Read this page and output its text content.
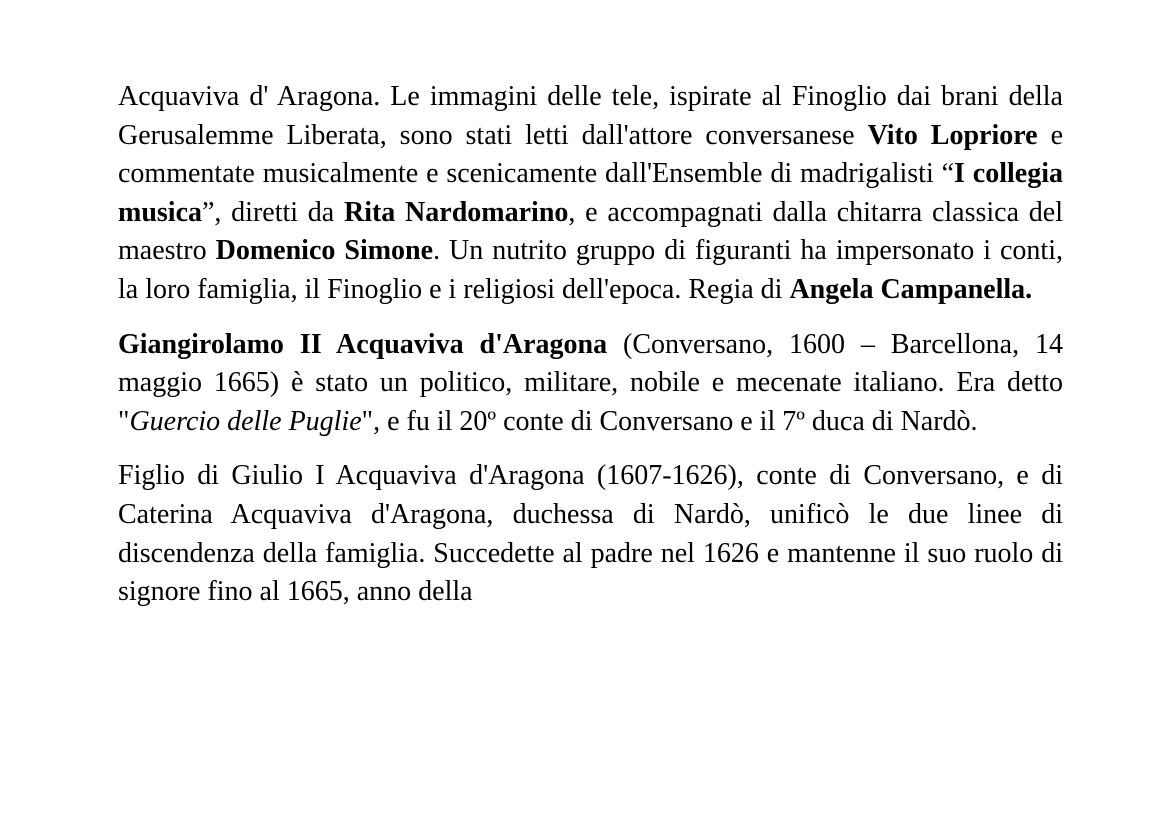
Acquaviva d' Aragona. Le immagini delle tele, ispirate al Finoglio dai brani della Gerusalemme Liberata, sono stati letti dall'attore conversanese Vito Lopriore e commentate musicalmente e scenicamente dall'Ensemble di madrigalisti “I collegia musica”, diretti da Rita Nardomarino, e accompagnati dalla chitarra classica del maestro Domenico Simone. Un nutrito gruppo di figuranti ha impersonato i conti, la loro famiglia, il Finoglio e i religiosi dell'epoca. Regia di Angela Campanella.

Giangirolamo II Acquaviva d'Aragona (Conversano, 1600 – Barcellona, 14 maggio 1665) è stato un politico, militare, nobile e mecenate italiano. Era detto "Guercio delle Puglie", e fu il 20º conte di Conversano e il 7º duca di Nardò.

Figlio di Giulio I Acquaviva d'Aragona (1607-1626), conte di Conversano, e di Caterina Acquaviva d'Aragona, duchessa di Nardò, unificò le due linee di discendenza della famiglia. Succedette al padre nel 1626 e mantenne il suo ruolo di signore fino al 1665, anno della
